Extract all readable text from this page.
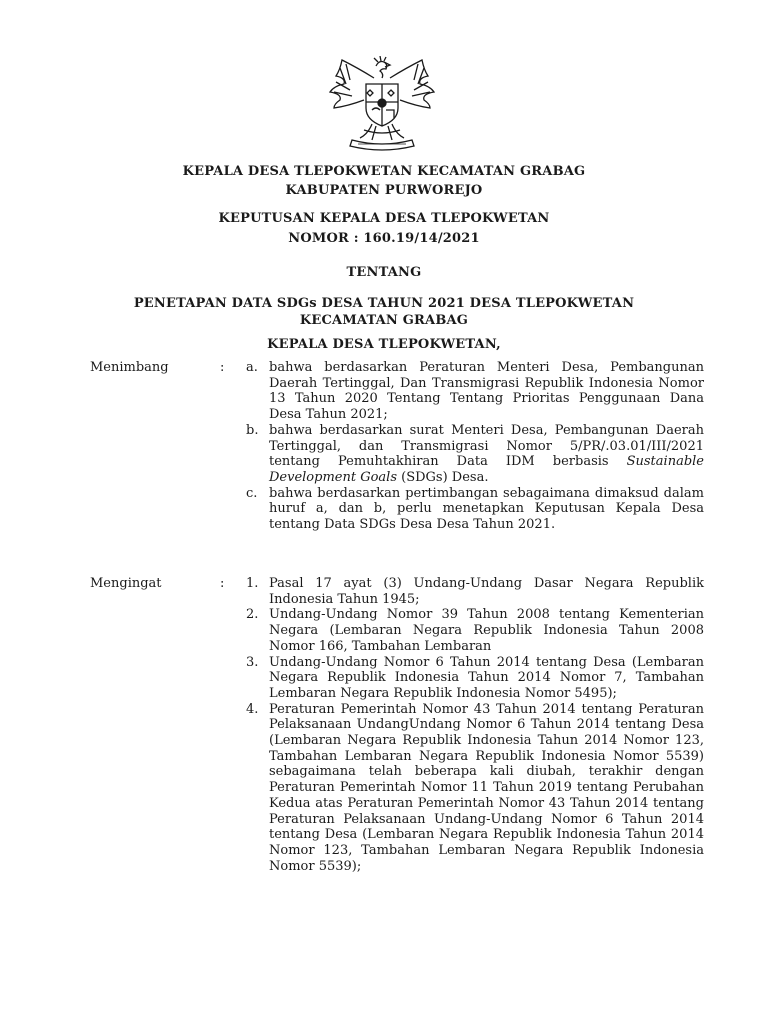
KEPALA DESA TLEPOKWETAN KECAMATAN GRABAG
KABUPATEN PURWOREJO
KEPUTUSAN KEPALA DESA TLEPOKWETAN
NOMOR : 160.19/14/2021
TENTANG
PENETAPAN DATA SDGs DESA TAHUN 2021 DESA TLEPOKWETAN
KECAMATAN GRABAG
KEPALA DESA TLEPOKWETAN,
Menimbang	: a. bahwa berdasarkan Peraturan Menteri Desa, Pembangunan Daerah Tertinggal, Dan Transmigrasi Republik Indonesia Nomor 13 Tahun 2020 Tentang Tentang Prioritas Penggunaan Dana Desa Tahun 2021;
b. bahwa berdasarkan surat Menteri Desa, Pembangunan Daerah Tertinggal, dan Transmigrasi Nomor 5/PR/.03.01/III/2021 tentang Pemuhtakhiran Data IDM berbasis Sustainable Development Goals (SDGs) Desa.
c. bahwa berdasarkan pertimbangan sebagaimana dimaksud dalam huruf a, dan b, perlu menetapkan Keputusan Kepala Desa tentang Data SDGs Desa Desa Tahun 2021.
Mengingat	: 1. Pasal 17 ayat (3) Undang-Undang Dasar Negara Republik Indonesia Tahun 1945;
2. Undang-Undang Nomor 39 Tahun 2008 tentang Kementerian Negara (Lembaran Negara Republik Indonesia Tahun 2008 Nomor 166, Tambahan Lembaran
3. Undang-Undang Nomor 6 Tahun 2014 tentang Desa (Lembaran Negara Republik Indonesia Tahun 2014 Nomor 7, Tambahan Lembaran Negara Republik Indonesia Nomor 5495);
4. Peraturan Pemerintah Nomor 43 Tahun 2014 tentang Peraturan Pelaksanaan UndangUndang Nomor 6 Tahun 2014 tentang Desa (Lembaran Negara Republik Indonesia Tahun 2014 Nomor 123, Tambahan Lembaran Negara Republik Indonesia Nomor 5539) sebagaimana telah beberapa kali diubah, terakhir dengan Peraturan Pemerintah Nomor 11 Tahun 2019 tentang Perubahan Kedua atas Peraturan Pemerintah Nomor 43 Tahun 2014 tentang Peraturan Pelaksanaan Undang-Undang Nomor 6 Tahun 2014 tentang Desa (Lembaran Negara Republik Indonesia Tahun 2014 Nomor 123, Tambahan Lembaran Negara Republik Indonesia Nomor 5539);
